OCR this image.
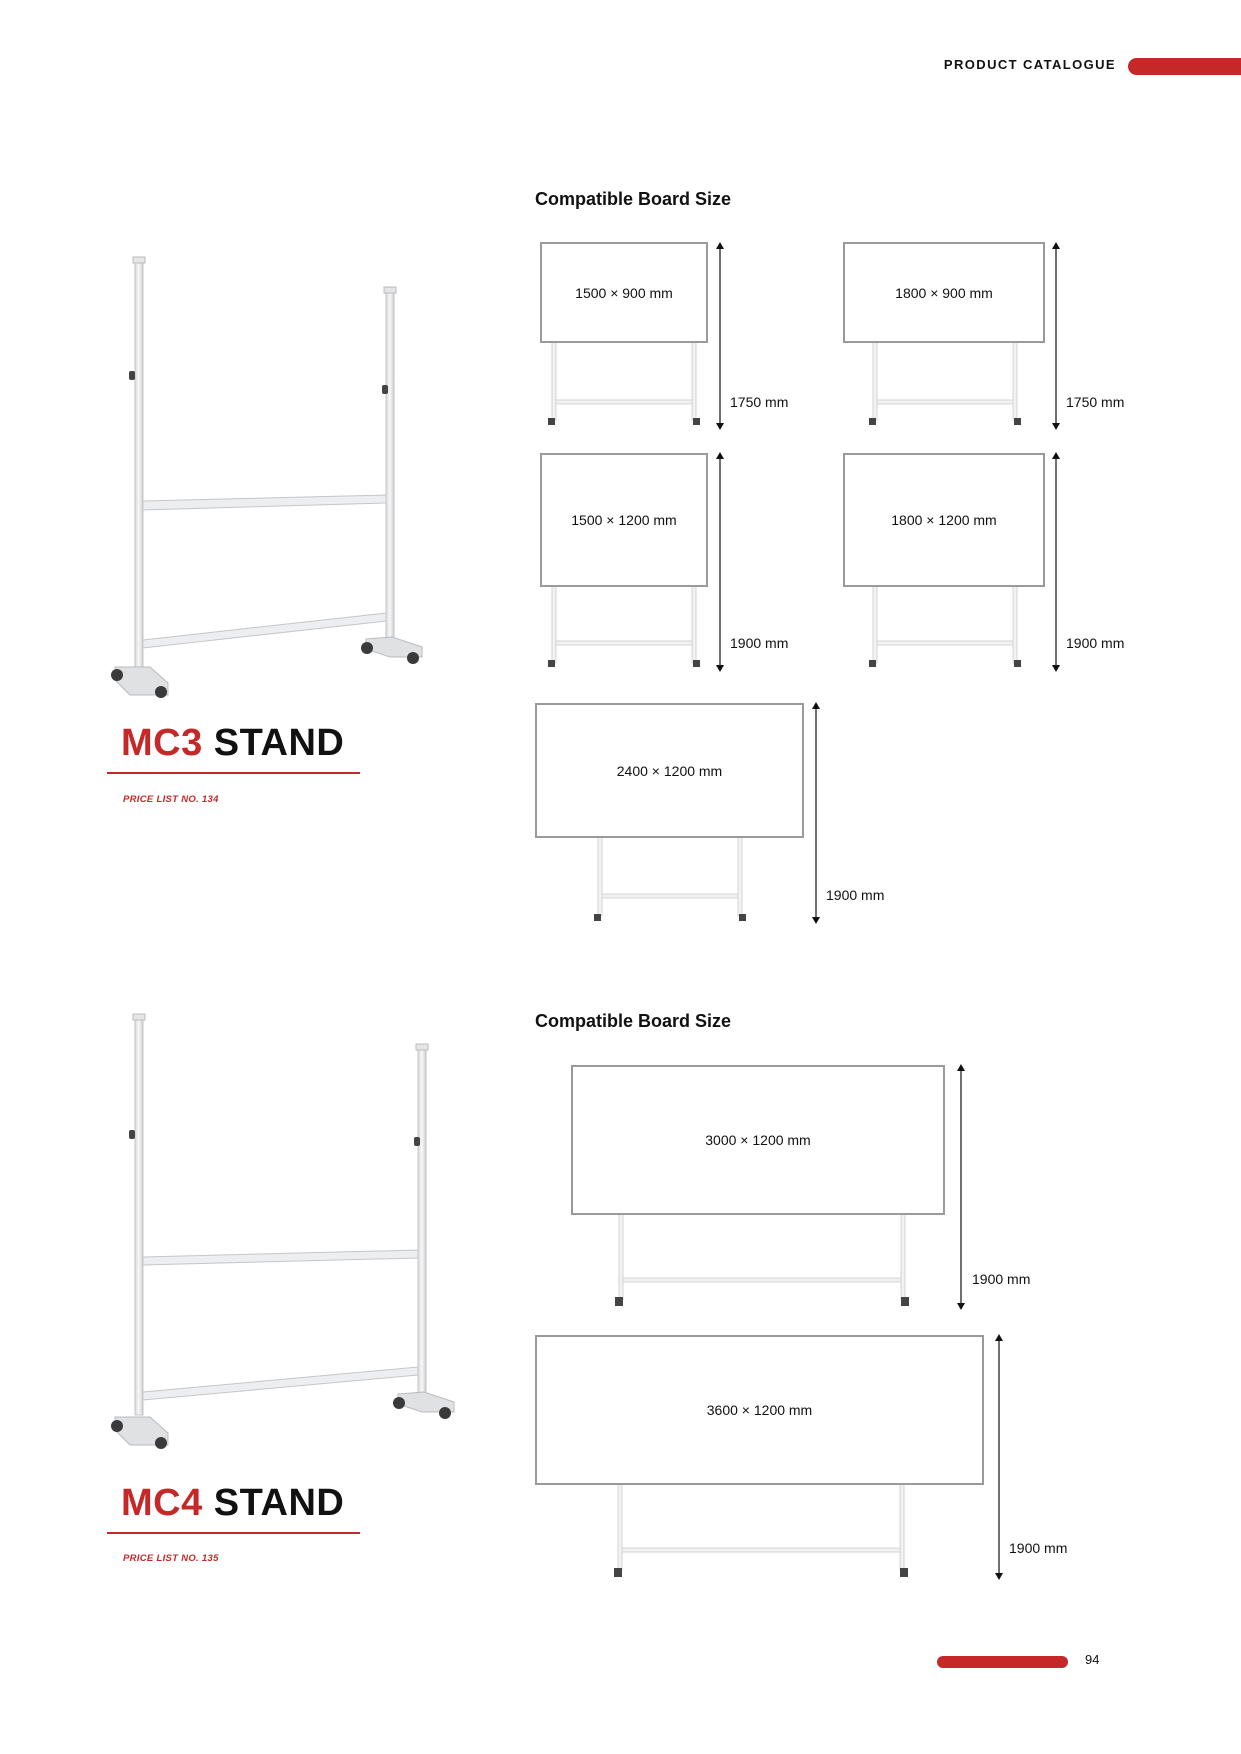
PRODUCT CATALOGUE
MC3 STAND
PRICE LIST NO. 134
Compatible Board Size
1500 × 900 mm
1750 mm
1800 × 900 mm
1750 mm
1500 × 1200 mm
1900 mm
1800 × 1200 mm
1900 mm
2400 × 1200 mm
1900 mm
MC4 STAND
PRICE LIST NO. 135
Compatible Board Size
3000 × 1200 mm
1900 mm
3600 × 1200 mm
1900 mm
94
